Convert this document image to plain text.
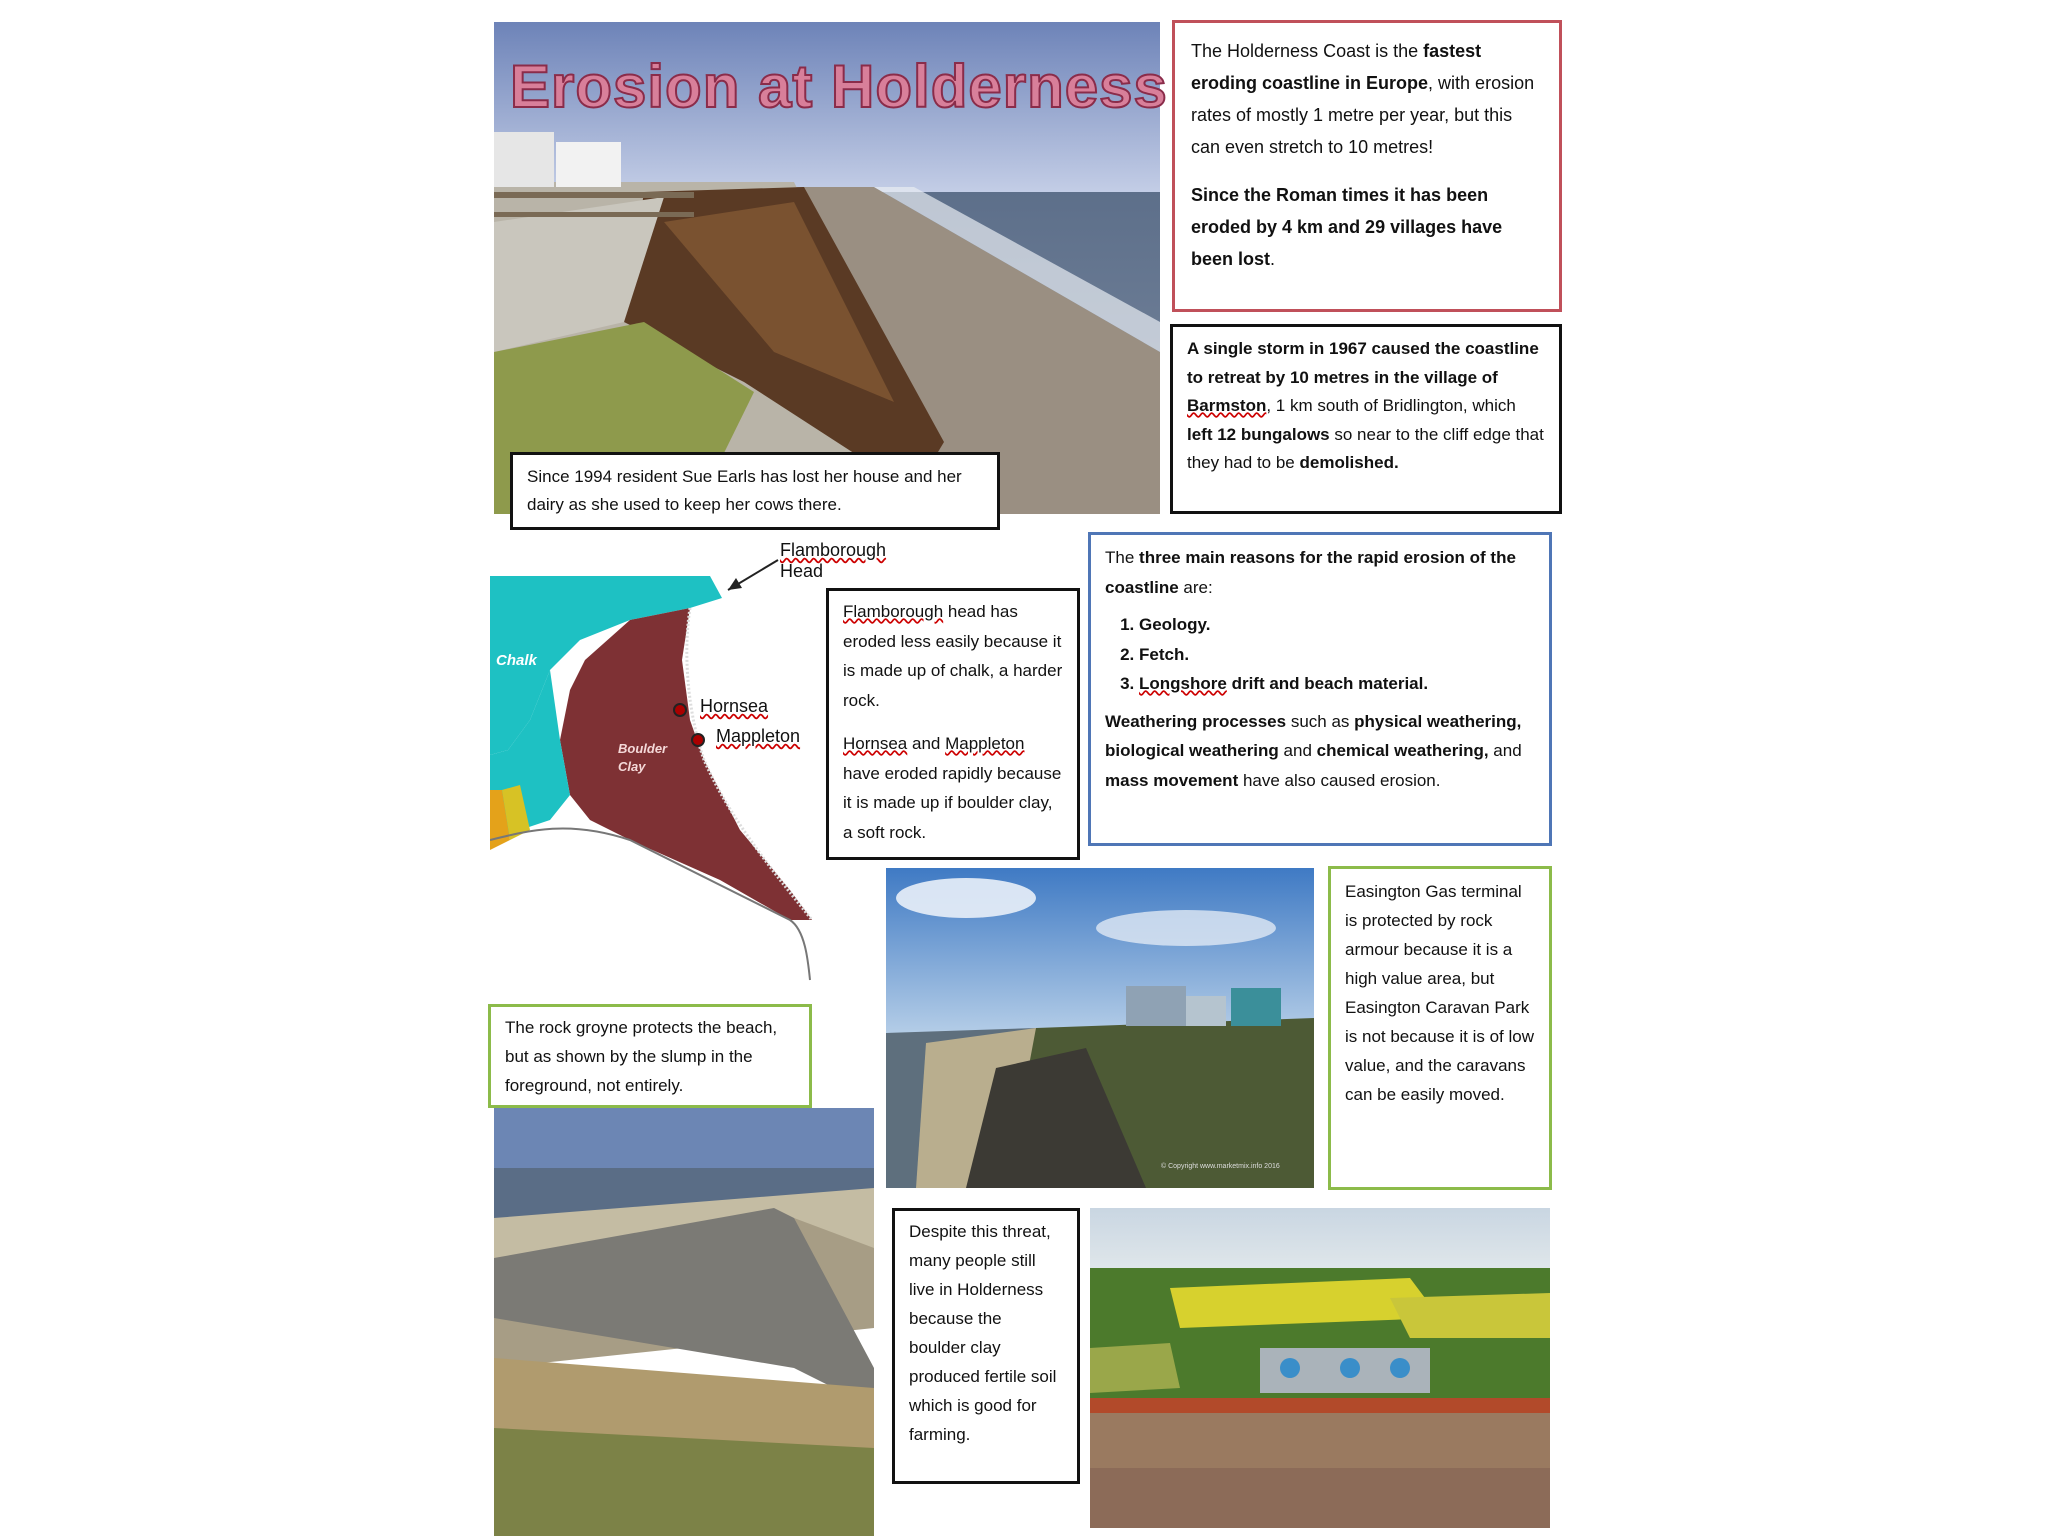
Erosion at Holderness

The Holderness Coast is the fastest eroding coastline in Europe, with erosion rates of mostly 1 metre per year, but this can even stretch to 10 metres!

Since the Roman times it has been eroded by 4 km and 29 villages have been lost.

A single storm in 1967 caused the coastline to retreat by 10 metres in the village of Barmston, 1 km south of Bridlington, which left 12 bungalows so near to the cliff edge that they had to be demolished.

Since 1994 resident Sue Earls has lost her house and her dairy as she used to keep her cows there.

Flamborough Head
Chalk
Boulder
Clay
Hornsea
Mappleton

Flamborough head has eroded less easily because it is made up of chalk, a harder rock.

Hornsea and Mappleton have eroded rapidly because it is made up if boulder clay, a soft rock.

The three main reasons for the rapid erosion of the coastline are:

1. Geology.
2. Fetch.
3. Longshore drift and beach material.

Weathering processes such as physical weathering, biological weathering and chemical weathering, and mass movement have also caused erosion.

© Copyright www.marketmix.info 2016

Easington Gas terminal is protected by rock armour because it is a high value area, but Easington Caravan Park is not because it is of low value, and the caravans can be easily moved.

The rock groyne protects the beach, but as shown by the slump in the foreground, not entirely.

Despite this threat, many people still live in Holderness because the boulder clay produced fertile soil which is good for farming.
